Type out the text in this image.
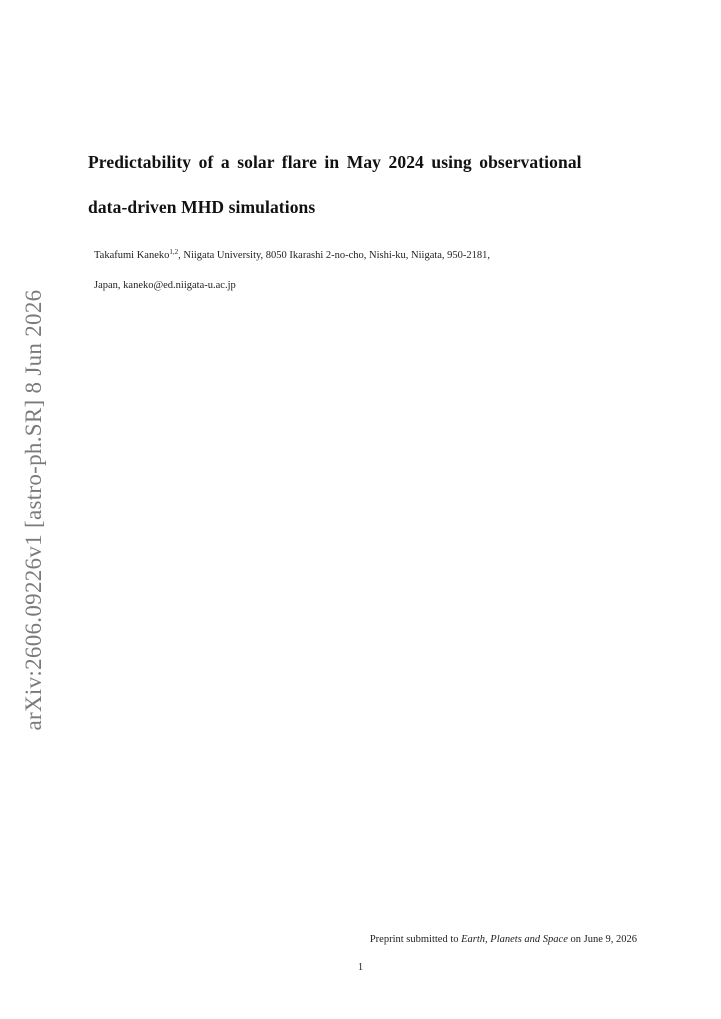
arXiv:2606.09226v1 [astro-ph.SR] 8 Jun 2026
Predictability of a solar flare in May 2024 using observational
data-driven MHD simulations
Takafumi Kaneko$^{1,2}$, Niigata University, 8050 Ikarashi 2-no-cho, Nishi-ku, Niigata, 950-2181,
Japan, kaneko@ed.niigata-u.ac.jp
Preprint submitted to Earth, Planets and Space on June 9, 2026
1
